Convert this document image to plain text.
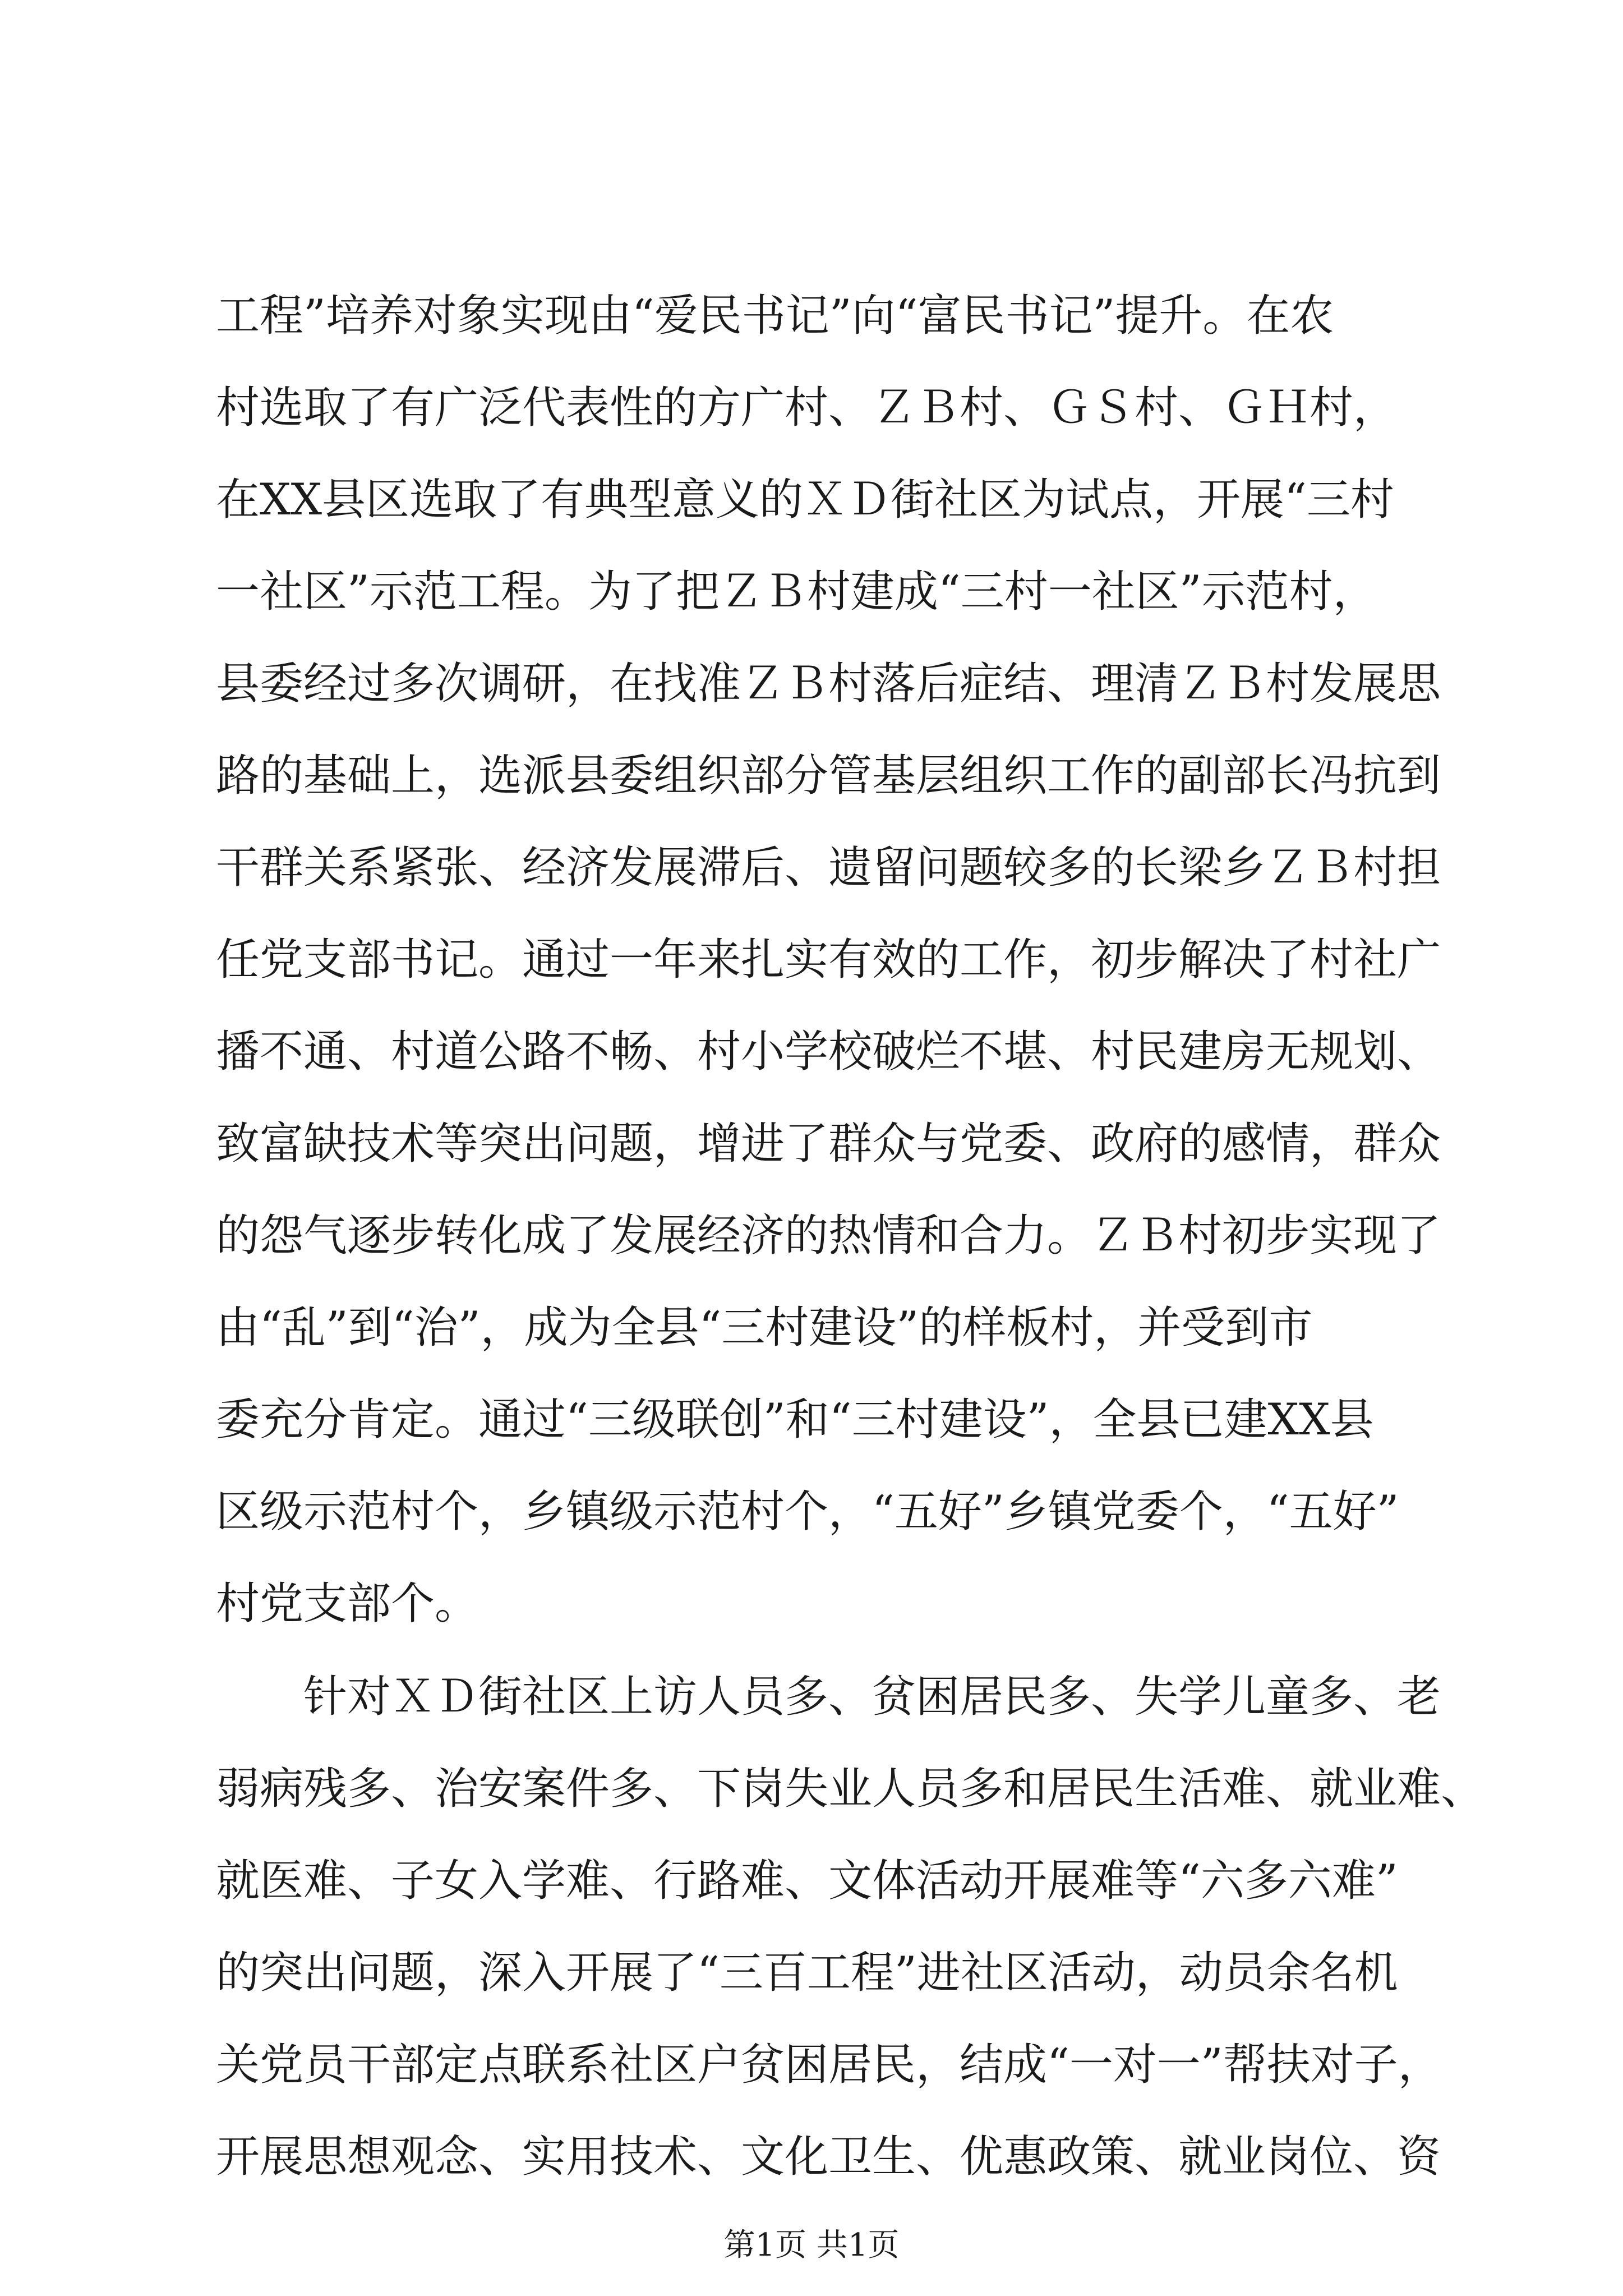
工程”培养对象实现由“爱民书记”向“富民书记”提升。在农
村选取了有广泛代表性的方广村、ＺＢ村、ＧＳ村、ＧＨ村，
在XX县区选取了有典型意义的ＸＤ街社区为试点，开展“三村
一社区”示范工程。为了把ＺＢ村建成“三村一社区”示范村，
县委经过多次调研，在找准ＺＢ村落后症结、理清ＺＢ村发展思
路的基础上，选派县委组织部分管基层组织工作的副部长冯抗到
干群关系紧张、经济发展滞后、遗留问题较多的长梁乡ＺＢ村担
任党支部书记。通过一年来扎实有效的工作，初步解决了村社广
播不通、村道公路不畅、村小学校破烂不堪、村民建房无规划、
致富缺技术等突出问题，增进了群众与党委、政府的感情，群众
的怨气逐步转化成了发展经济的热情和合力。ＺＢ村初步实现了
由“乱”到“治”，成为全县“三村建设”的样板村，并受到市
委充分肯定。通过“三级联创”和“三村建设”，全县已建XX县
区级示范村个，乡镇级示范村个，“五好”乡镇党委个，“五好”
村党支部个。
　　针对ＸＤ街社区上访人员多、贫困居民多、失学儿童多、老
弱病残多、治安案件多、下岗失业人员多和居民生活难、就业难、
就医难、子女入学难、行路难、文体活动开展难等“六多六难”
的突出问题，深入开展了“三百工程”进社区活动，动员余名机
关党员干部定点联系社区户贫困居民，结成“一对一”帮扶对子，
开展思想观念、实用技术、文化卫生、优惠政策、就业岗位、资
第1页 共1页
